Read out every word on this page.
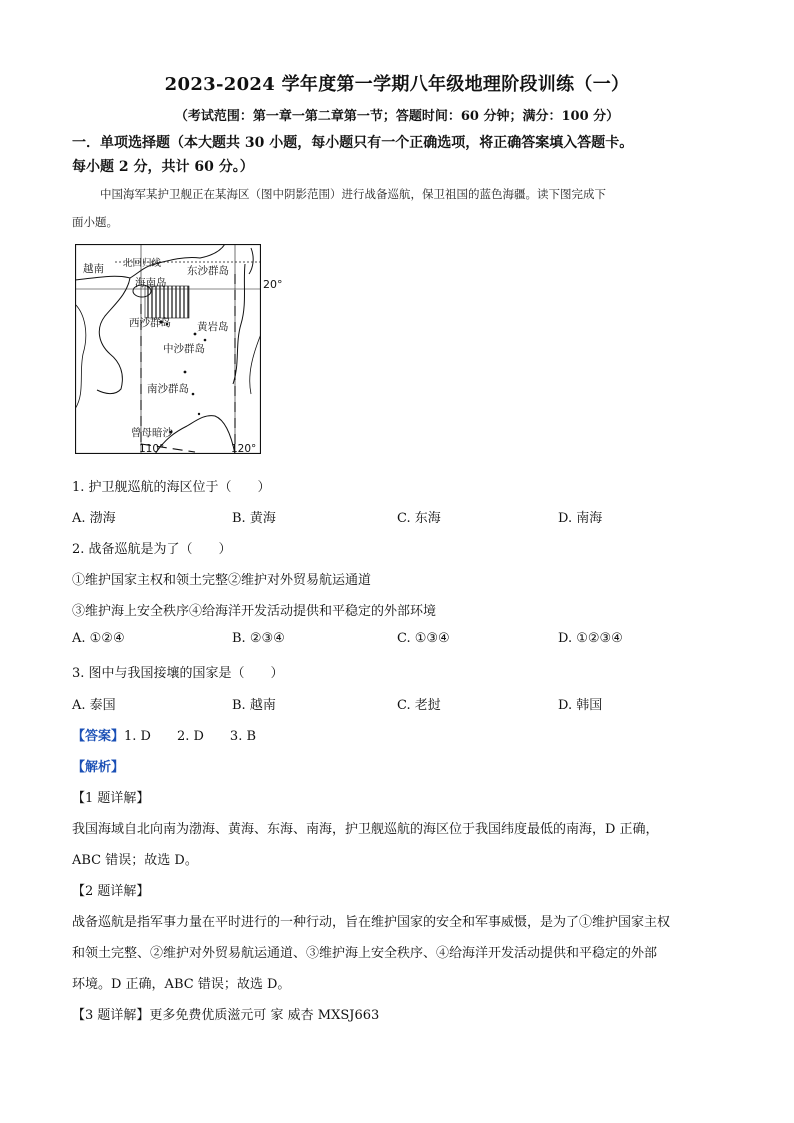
2023-2024 学年度第一学期八年级地理阶段训练（一）
（考试范围：第一章一第二章第一节；答题时间：60 分钟；满分：100 分）
一．单项选择题（本大题共 30 小题，每小题只有一个正确选项，将正确答案填入答题卡。
每小题 2 分，共计 60 分。）
中国海军某护卫舰正在某海区（图中阴影范围）进行战备巡航，保卫祖国的蓝色海疆。读下图完成下
面小题。
越南 北回归线
东沙群岛
海南岛
西沙群岛 黄岩岛
中沙群岛
南沙群岛
曾母暗沙
110°	120°
20°
1. 护卫舰巡航的海区位于（　　）
A. 渤海	B. 黄海	C. 东海	D. 南海
2. 战备巡航是为了（　　）
①维护国家主权和领土完整②维护对外贸易航运通道
③维护海上安全秩序④给海洋开发活动提供和平稳定的外部环境
A. ①②④	B. ②③④	C. ①③④	D. ①②③④
3. 图中与我国接壤的国家是（　　）
A. 泰国	B. 越南	C. 老挝	D. 韩国
【答案】1. D　　2. D　　3. B
【解析】
【1 题详解】
我国海域自北向南为渤海、黄海、东海、南海，护卫舰巡航的海区位于我国纬度最低的南海，D 正确，
ABC 错误；故选 D。
【2 题详解】
战备巡航是指军事力量在平时进行的一种行动，旨在维护国家的安全和军事威慑，是为了①维护国家主权
和领土完整、②维护对外贸易航运通道、③维护海上安全秩序、④给海洋开发活动提供和平稳定的外部
环境。D 正确，ABC 错误；故选 D。
【3 题详解】更多免费优质滋元可 家 威杏 MXSJ663
